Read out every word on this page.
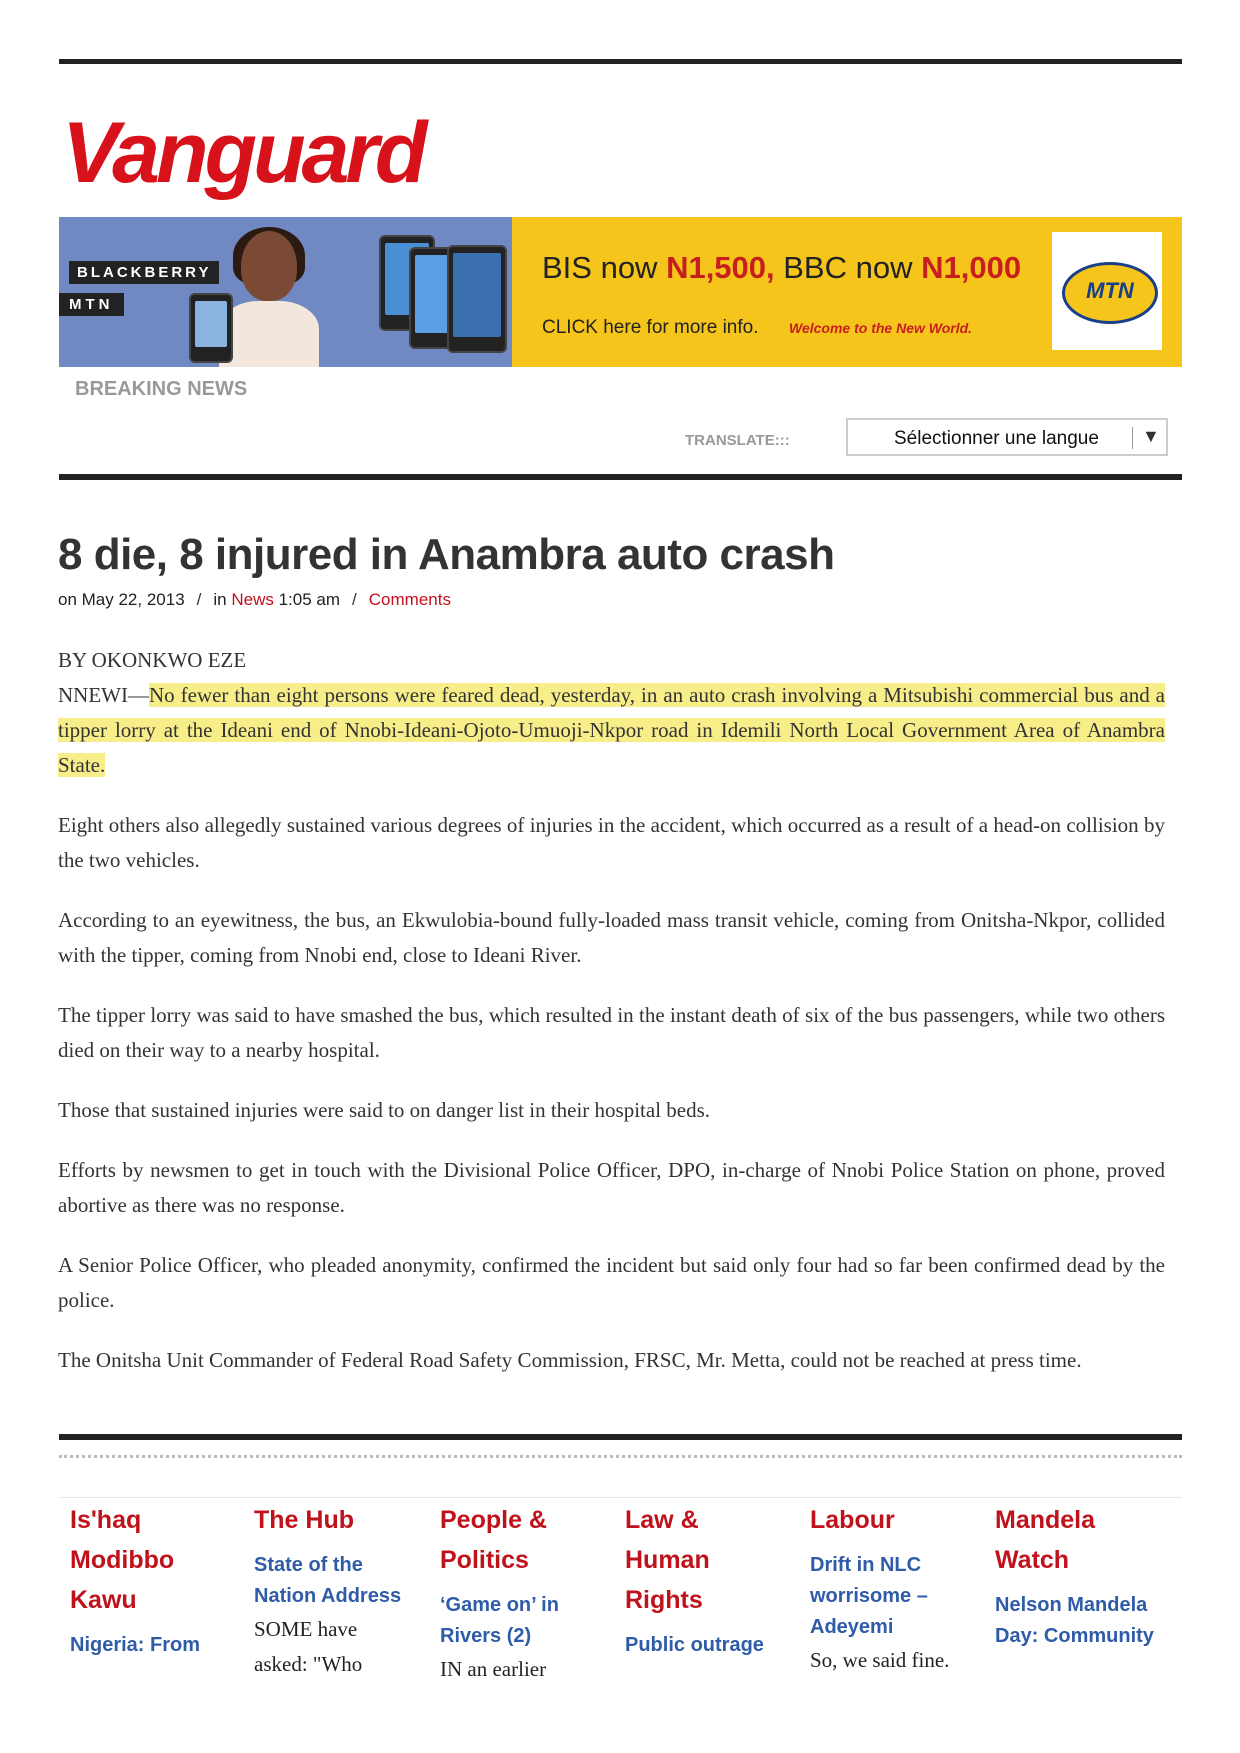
Vanguard
BLACKBERRY
MTN
BIS now N1,500, BBC now N1,000
CLICK here for more info. Welcome to the New World.
MTN
BREAKING NEWS
TRANSLATE:::	Sélectionner une langue ▼
8 die, 8 injured in Anambra auto crash
on May 22, 2013 / in News 1:05 am / Comments
BY OKONKWO EZE

NNEWI—No fewer than eight persons were feared dead, yesterday, in an auto crash involving a Mitsubishi commercial bus and a tipper lorry at the Ideani end of Nnobi-Ideani-Ojoto-Umuoji-Nkpor road in Idemili North Local Government Area of Anambra State.

Eight others also allegedly sustained various degrees of injuries in the accident, which occurred as a result of a head-on collision by the two vehicles.

According to an eyewitness, the bus, an Ekwulobia-bound fully-loaded mass transit vehicle, coming from Onitsha-Nkpor, collided with the tipper, coming from Nnobi end, close to Ideani River.

The tipper lorry was said to have smashed the bus, which resulted in the instant death of six of the bus passengers, while two others died on their way to a nearby hospital.

Those that sustained injuries were said to on danger list in their hospital beds.

Efforts by newsmen to get in touch with the Divisional Police Officer, DPO, in-charge of Nnobi Police Station on phone, proved abortive as there was no response.

A Senior Police Officer, who pleaded anonymity, confirmed the incident but said only four had so far been confirmed dead by the police.

The Onitsha Unit Commander of Federal Road Safety Commission, FRSC, Mr. Metta, could not be reached at press time.

Is'haq Modibbo Kawu
Nigeria: From
The Hub
State of the Nation Address
SOME have asked: "Who
People & Politics
‘Game on’ in Rivers (2)
IN an earlier
Law & Human Rights
Public outrage
Labour
Drift in NLC worrisome – Adeyemi
So, we said fine.
Mandela Watch
Nelson Mandela Day: Community
